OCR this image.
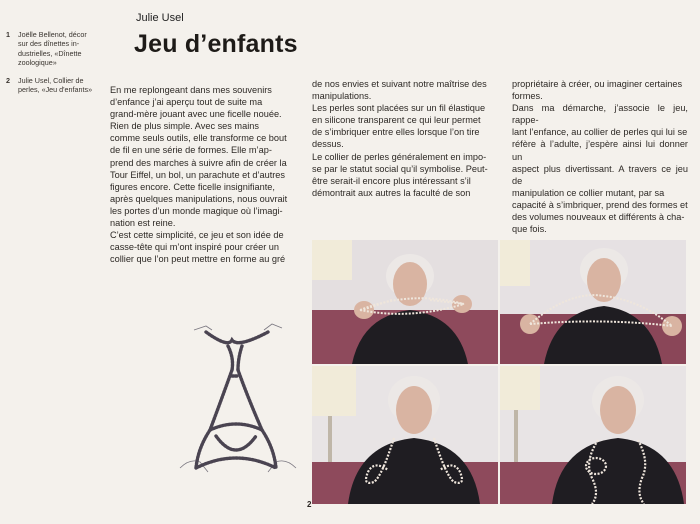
1 Joëlle Bellenot, décor
sur des dînettes in-
dustrielles, «Dînette
zoologique»
2 Julie Usel, Collier de
perles, «Jeu d'enfants»
Julie Usel
Jeu d’enfants

En me replongeant dans mes souvenirs
d’enfance j’ai aperçu tout de suite ma
grand-mère jouant avec une ficelle nouée.
Rien de plus simple. Avec ses mains
comme seuls outils, elle transforme ce bout
de fil en une série de formes. Elle m’ap-
prend des marches à suivre afin de créer la
Tour Eiffel, un bol, un parachute et d’autres
figures encore. Cette ficelle insignifiante,
après quelques manipulations, nous ouvrait
les portes d’un monde magique où l’imagi-
nation est reine.

C’est cette simplicité, ce jeu et son idée de
casse-tête qui m’ont inspiré pour créer un
collier que l’on peut mettre en forme au gré

de nos envies et suivant notre maîtrise des
manipulations.

Les perles sont placées sur un fil élastique
en silicone transparent ce qui leur permet
de s’imbriquer entre elles lorsque l’on tire
dessus.

Le collier de perles généralement en impo-
se par le statut social qu’il symbolise. Peut-
être serait-il encore plus intéressant s’il
démontrait aux autres la faculté de son

propriétaire à créer, ou imaginer certaines
formes.

Dans ma démarche, j’associe le jeu, rappe-
lant l’enfance, au collier de perles qui lui se
réfère à l’adulte, j’espère ainsi lui donner un
aspect plus divertissant. A travers ce jeu de
manipulation ce collier mutant, par sa
capacité à s’imbriquer, prend des formes et
des volumes nouveaux et différents à cha-
que fois.

2
